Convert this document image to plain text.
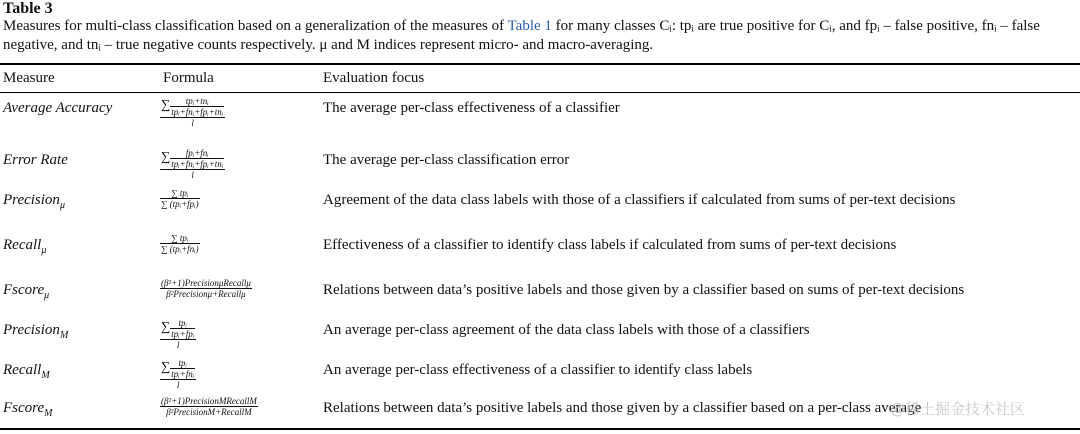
Table 3
Measures for multi-class classification based on a generalization of the measures of Table 1 for many classes Cᵢ: tpᵢ are true positive for Cᵢ, and fpᵢ – false positive, fnᵢ – false negative, and tnᵢ – true negative counts respectively. μ and M indices represent micro- and macro-averaging.
Measure	Formula	Evaluation focus
Average Accuracy	$\frac{\sum \frac{\text{tpᵢ+tnᵢ}}{\text{tpᵢ+fnᵢ+fpᵢ+tnᵢ}}}{l}$	The average per-class effectiveness of a classifier
Error Rate	$\frac{\sum \frac{\text{fpᵢ+fnᵢ}}{\text{tpᵢ+fnᵢ+fpᵢ+tnᵢ}}}{l}$	The average per-class classification error
Precision$_\mu$	$\frac{\text{∑ tpᵢ}}{\text{∑ (tpᵢ+fpᵢ)}}$	Agreement of the data class labels with those of a classifiers if calculated from sums of per-text decisions
Recall$_\mu$	$\frac{\text{∑ tpᵢ}}{\text{∑ (tpᵢ+fnᵢ)}}$	Effectiveness of a classifier to identify class labels if calculated from sums of per-text decisions
Fscore$_\mu$	$\frac{\text{(β²+1)PrecisionμRecallμ}}{\text{β²Precisionμ+Recallμ}}$	Relations between data’s positive labels and those given by a classifier based on sums of per-text decisions
Precision$_M$	$\frac{\sum \frac{\text{tpᵢ}}{\text{tpᵢ+fpᵢ}}}{l}$	An average per-class agreement of the data class labels with those of a classifiers
Recall$_M$	$\frac{\sum \frac{\text{tpᵢ}}{\text{tpᵢ+fnᵢ}}}{l}$	An average per-class effectiveness of a classifier to identify class labels
Fscore$_M$	$\frac{\text{(β²+1)PrecisionMRecallM}}{\text{β²PrecisionM+RecallM}}$	Relations between data’s positive labels and those given by a classifier based on a per-class average
@稀土掘金技术社区
